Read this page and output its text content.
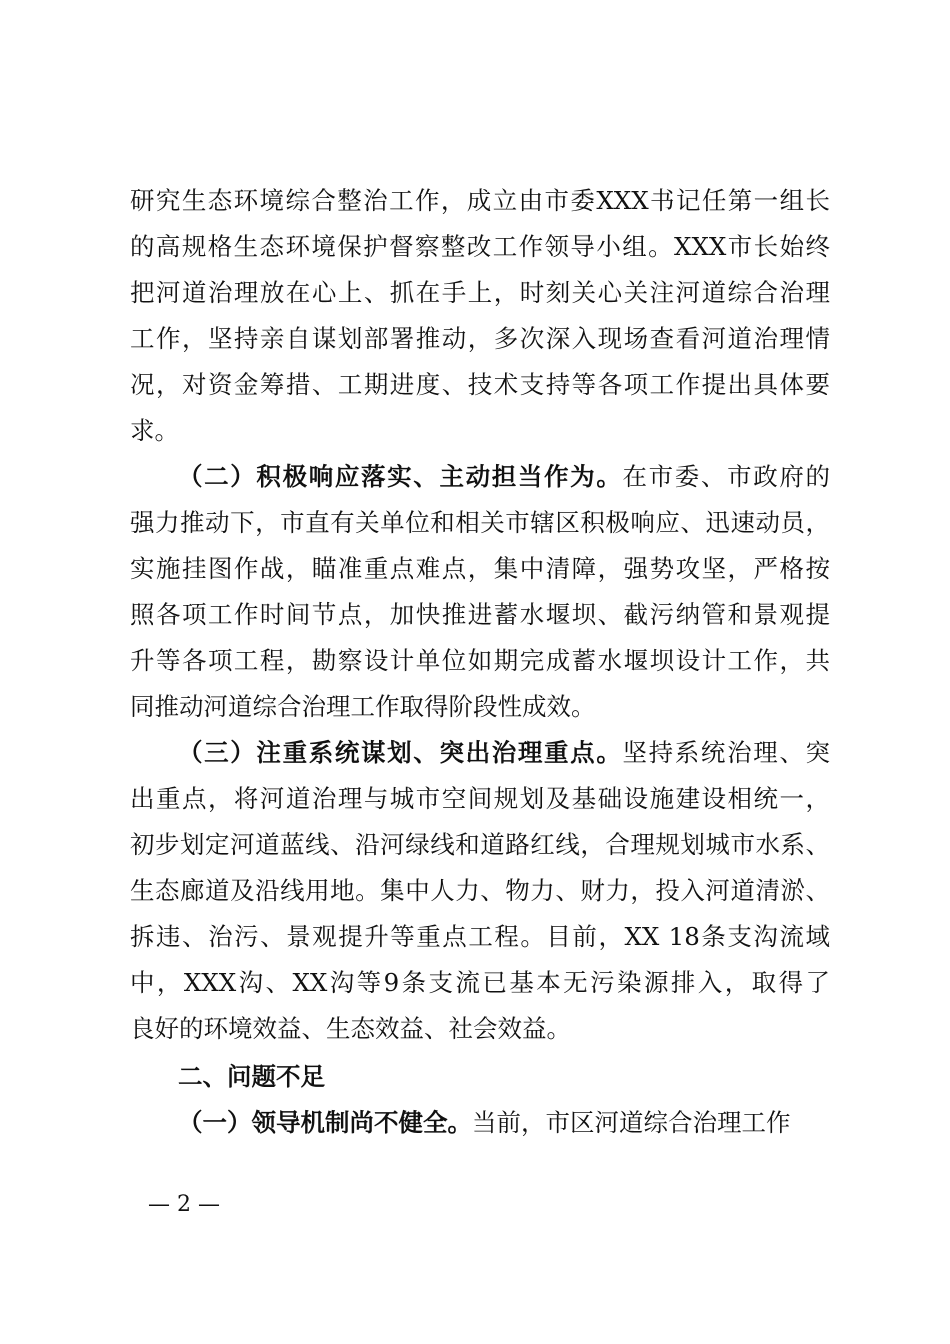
研究生态环境综合整治工作，成立由市委XXX书记任第一组长
的高规格生态环境保护督察整改工作领导小组。XXX市长始终
把河道治理放在心上、抓在手上，时刻关心关注河道综合治理
工作，坚持亲自谋划部署推动，多次深入现场查看河道治理情
况，对资金筹措、工期进度、技术支持等各项工作提出具体要
求。
（二）积极响应落实、主动担当作为。在市委、市政府的
强力推动下，市直有关单位和相关市辖区积极响应、迅速动员，
实施挂图作战，瞄准重点难点，集中清障，强势攻坚，严格按
照各项工作时间节点，加快推进蓄水堰坝、截污纳管和景观提
升等各项工程，勘察设计单位如期完成蓄水堰坝设计工作，共
同推动河道综合治理工作取得阶段性成效。
（三）注重系统谋划、突出治理重点。坚持系统治理、突
出重点，将河道治理与城市空间规划及基础设施建设相统一，
初步划定河道蓝线、沿河绿线和道路红线，合理规划城市水系、
生态廊道及沿线用地。集中人力、物力、财力，投入河道清淤、
拆违、治污、景观提升等重点工程。目前，XX 18条支沟流域
中，XXX沟、XX沟等9条支流已基本无污染源排入，取得了
良好的环境效益、生态效益、社会效益。
二、问题不足
（一）领导机制尚不健全。当前，市区河道综合治理工作
— 2 —
